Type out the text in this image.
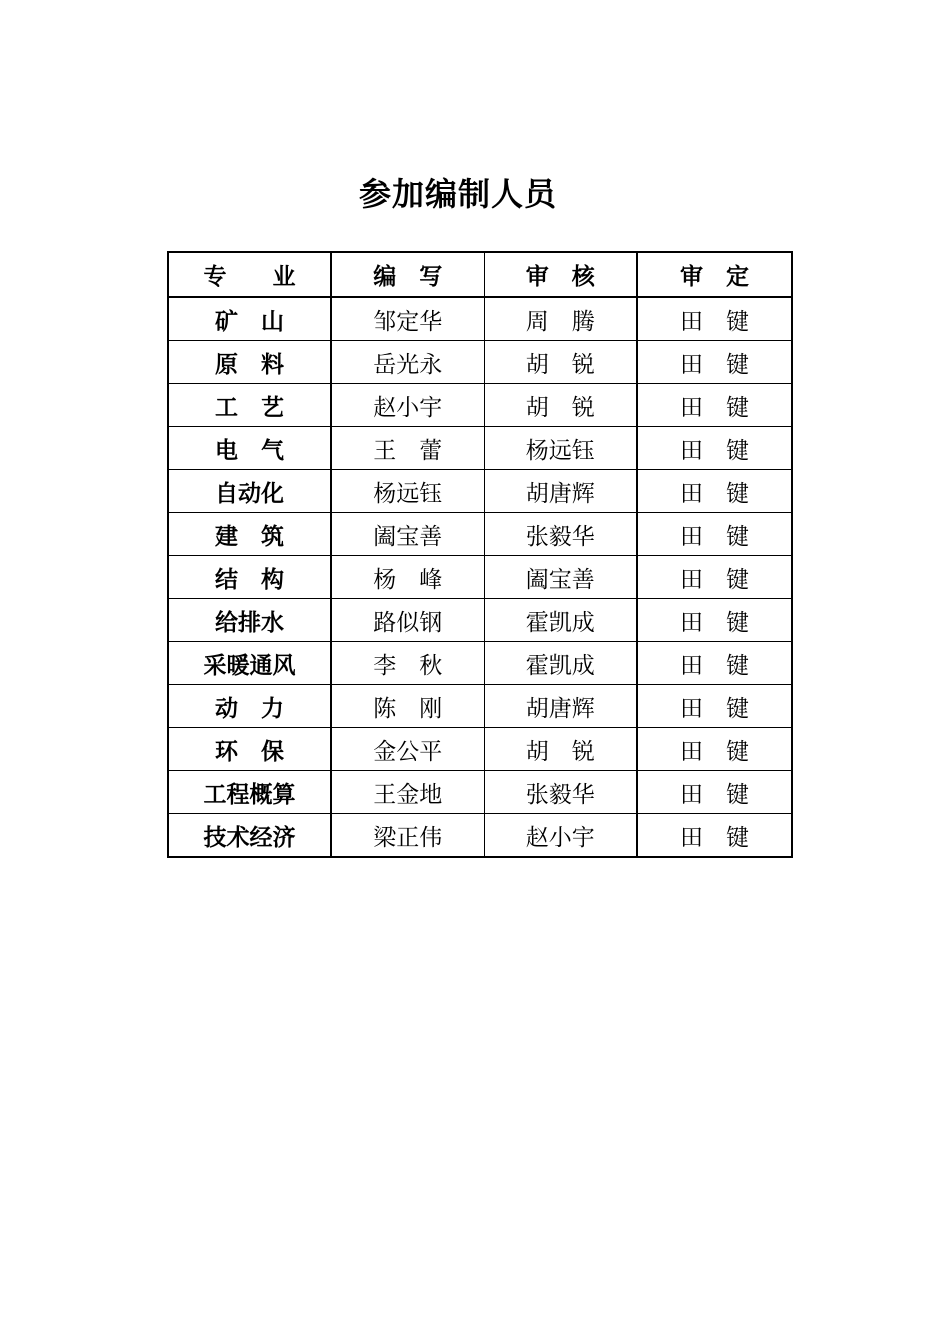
参加编制人员
专　　业	编　写	审　核	审　定
矿　山	邹定华	周　腾	田　键
原　料	岳光永	胡　锐	田　键
工　艺	赵小宇	胡　锐	田　键
电　气	王　蕾	杨远钰	田　键
自动化	杨远钰	胡唐辉	田　键
建　筑	阖宝善	张毅华	田　键
结　构	杨　峰	阖宝善	田　键
给排水	路似钢	霍凯成	田　键
采暖通风	李　秋	霍凯成	田　键
动　力	陈　刚	胡唐辉	田　键
环　保	金公平	胡　锐	田　键
工程概算	王金地	张毅华	田　键
技术经济	梁正伟	赵小宇	田　键
